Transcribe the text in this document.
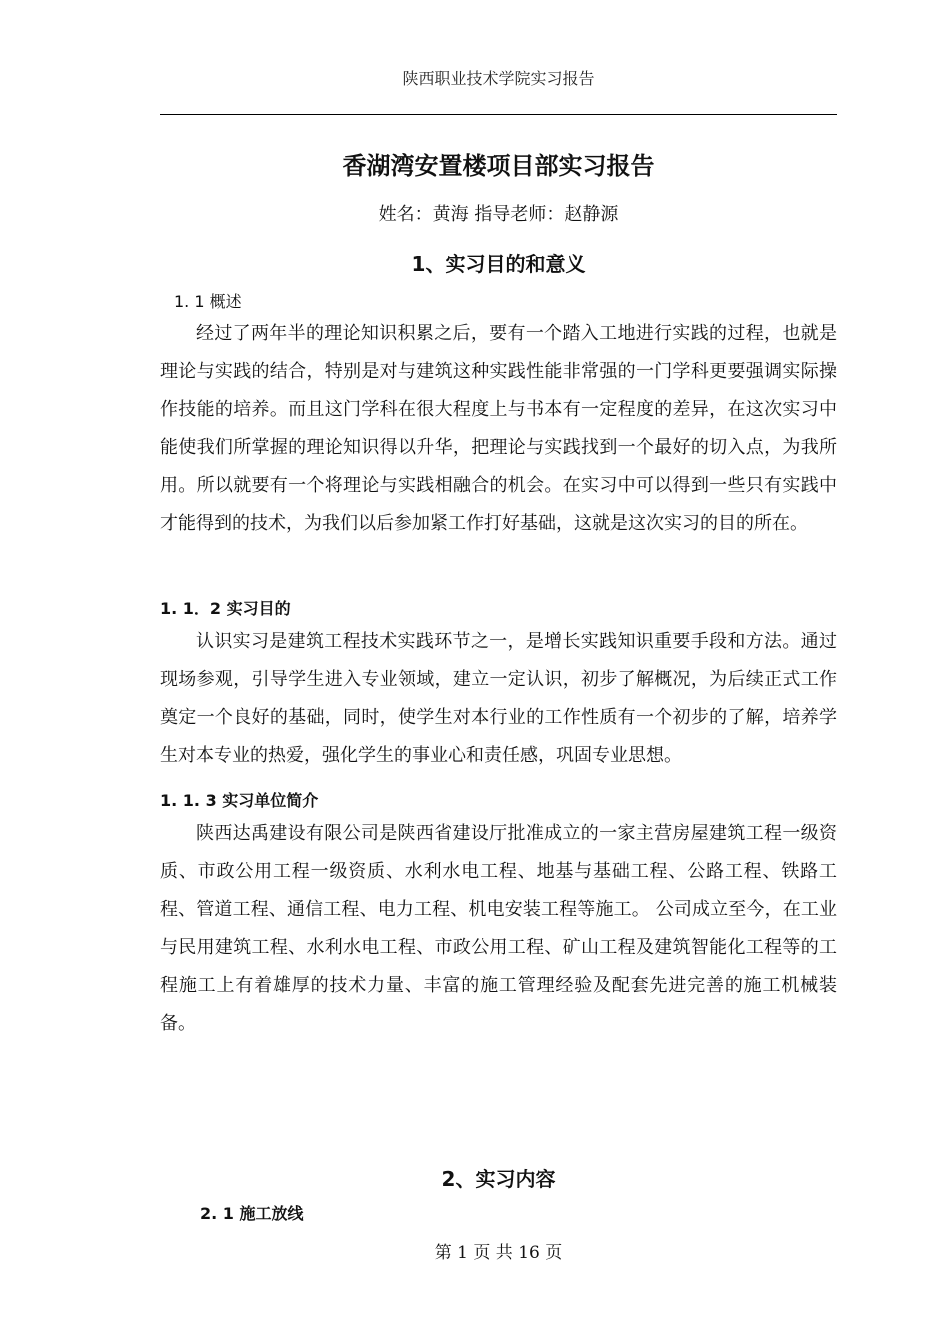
陕西职业技术学院实习报告
香湖湾安置楼项目部实习报告
姓名：黄海 指导老师：赵静源
1、实习目的和意义
1. 1 概述

经过了两年半的理论知识积累之后，要有一个踏入工地进行实践的过程，也就是理论与实践的结合，特别是对与建筑这种实践性能非常强的一门学科更要强调实际操作技能的培养。而且这门学科在很大程度上与书本有一定程度的差异，在这次实习中能使我们所掌握的理论知识得以升华，把理论与实践找到一个最好的切入点，为我所用。所以就要有一个将理论与实践相融合的机会。在实习中可以得到一些只有实践中才能得到的技术，为我们以后参加紧工作打好基础，这就是这次实习的目的所在。

1. 1．2 实习目的

认识实习是建筑工程技术实践环节之一，是增长实践知识重要手段和方法。通过现场参观，引导学生进入专业领域，建立一定认识，初步了解概况，为后续正式工作奠定一个良好的基础，同时，使学生对本行业的工作性质有一个初步的了解，培养学生对本专业的热爱，强化学生的事业心和责任感，巩固专业思想。

1. 1. 3 实习单位简介

陕西达禹建设有限公司是陕西省建设厅批准成立的一家主营房屋建筑工程一级资质、市政公用工程一级资质、水利水电工程、地基与基础工程、公路工程、铁路工程、管道工程、通信工程、电力工程、机电安装工程等施工。 公司成立至今，在工业与民用建筑工程、水利水电工程、市政公用工程、矿山工程及建筑智能化工程等的工程施工上有着雄厚的技术力量、丰富的施工管理经验及配套先进完善的施工机械装备。

2、实习内容
2. 1 施工放线
第 1 页 共 16 页
